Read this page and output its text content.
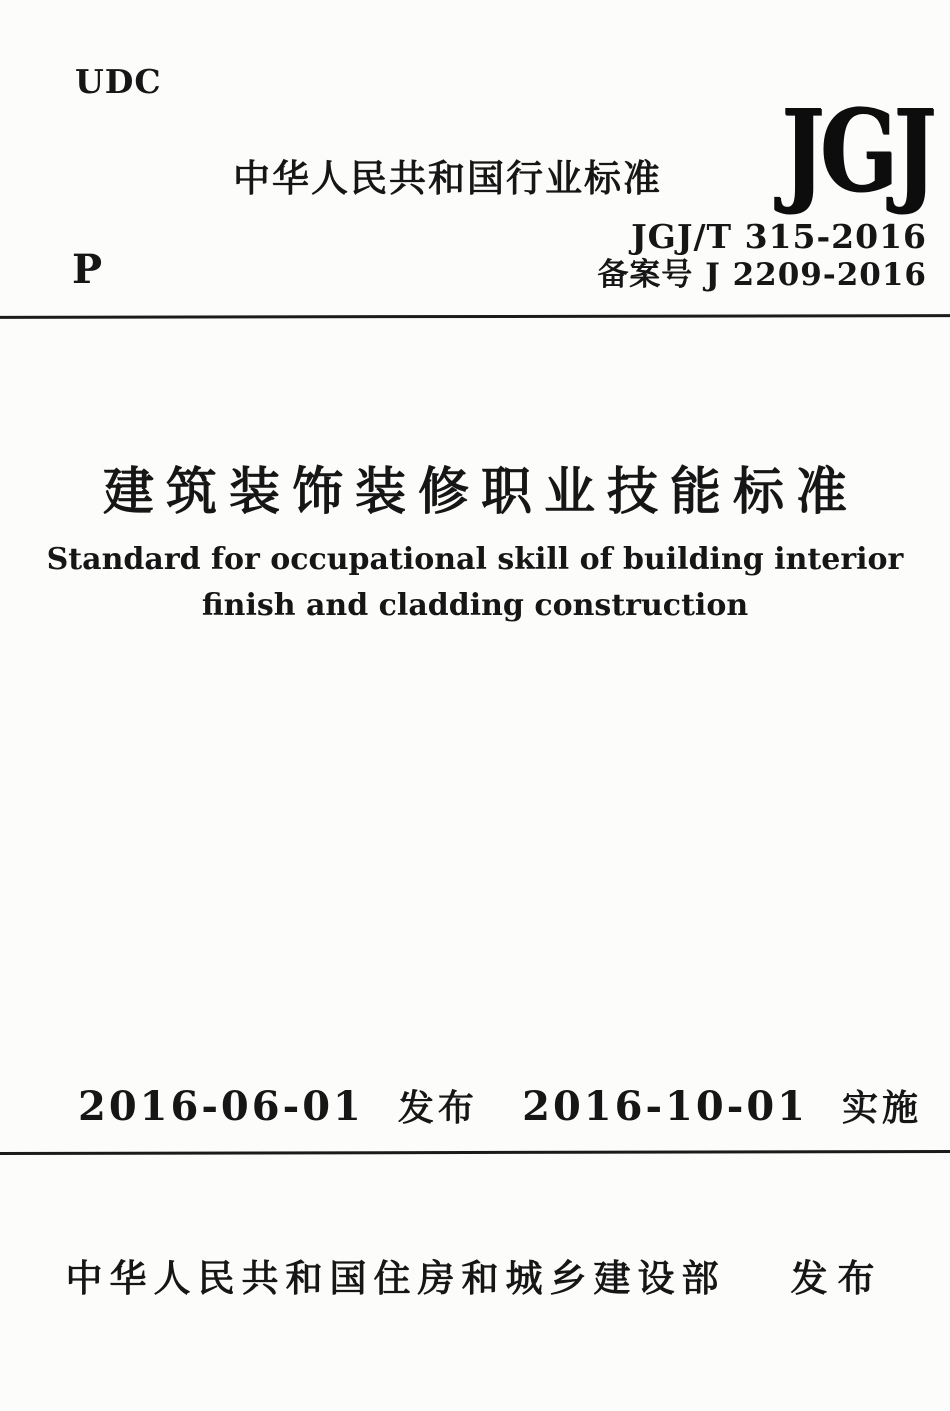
UDC
中华人民共和国行业标准 JGJ
JGJ/T 315-2016
备案号 J 2209-2016
P
建筑装饰装修职业技能标准
Standard for occupational skill of building interior
finish and cladding construction
2016-06-01 发布 2016-10-01 实施
中华人民共和国住房和城乡建设部 发布
